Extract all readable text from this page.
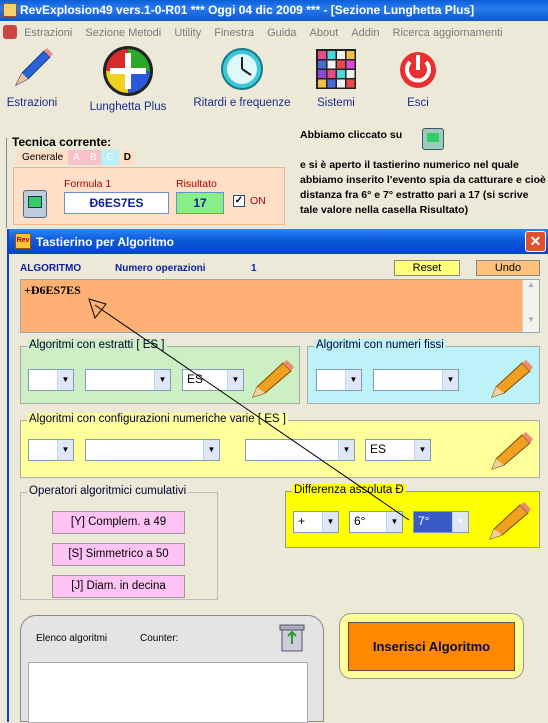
RevExplosion49 vers.1-0-R01 *** Oggi 04 dic 2009 *** - [Sezione Lunghetta Plus]
Estrazioni Sezione Metodi Utility Finestra Guida About Addin Ricerca aggiornamenti
Estrazioni	Lunghetta Plus	Ritardi e frequenze	Sistemi	Esci
Tecnica corrente:
Generale A B C D
Formula 1
Đ6ES7ES
Risultato
17	✓ ON
Abbiamo cliccato su
e si è aperto il tastierino numerico nel quale abbiamo inserito l'evento spia da catturare e cioè distanza fra 6° e 7° estratto pari a 17 (si scrive tale valore nella casella Risultato)
Rev Tastierino per Algoritmo	✕
ALGORITMO	Numero operazioni	1	Reset	Undo
+Đ6ES7ES	▲
▼
Algoritmi con estratti [ ES ]
▼	▼	ES	▼
Algoritmi con numeri fissi
▼	▼
Algoritmi con configurazioni numeriche varie [ ES ]
▼	▼	▼	ES	▼
Operatori algoritmici cumulativi
[Y] Complem. a 49
[S] Simmetrico a 50
[J] Diam. in decina
Differenza assoluta Đ
+	▼	6°	▼	7°	▼
Elenco algoritmi	Counter:
Inserisci Algoritmo
